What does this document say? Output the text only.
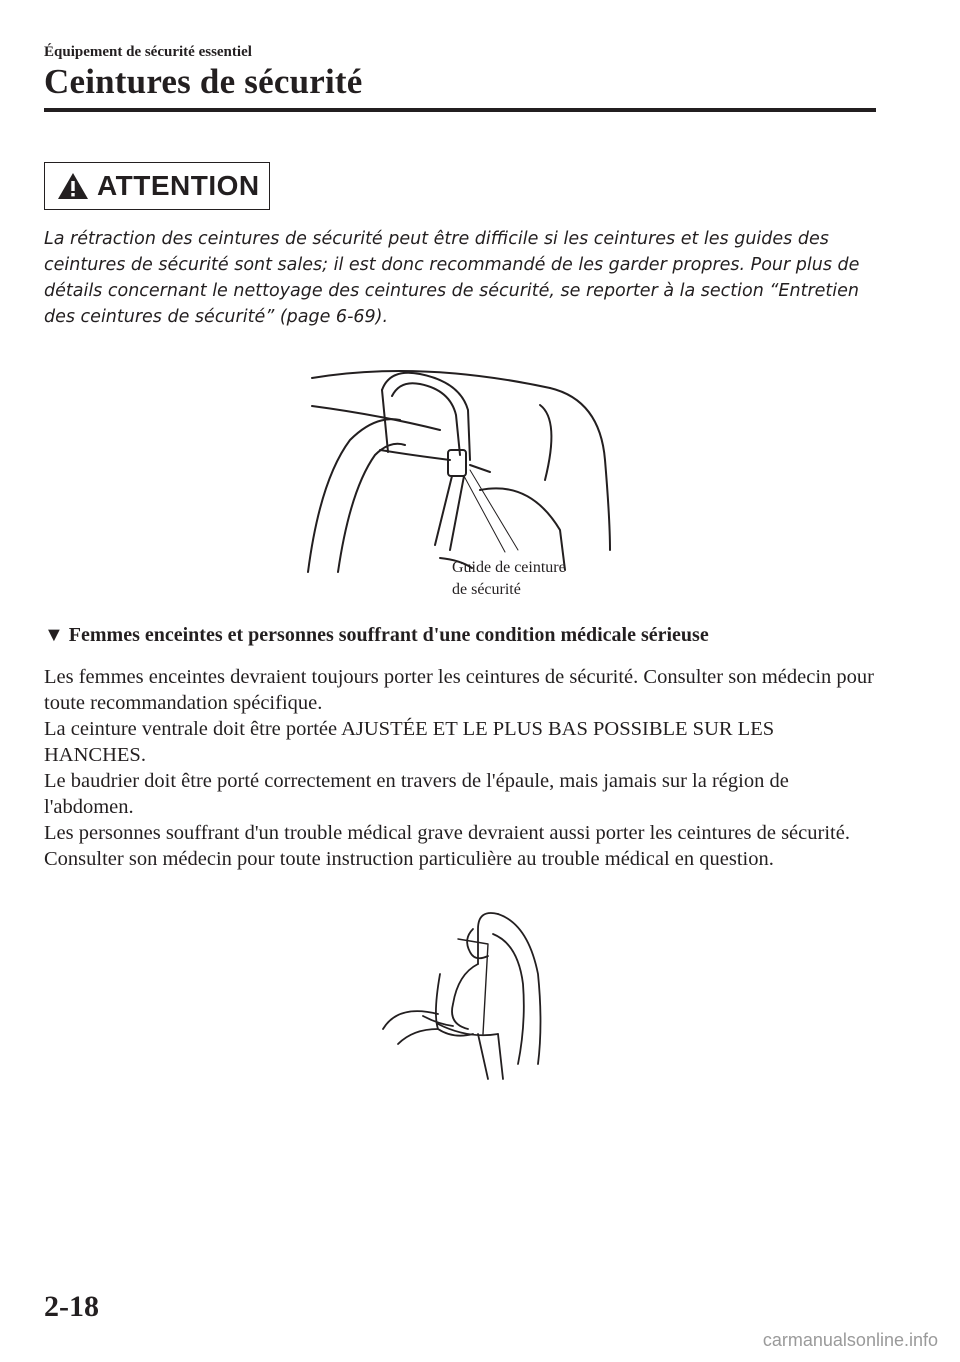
Équipement de sécurité essentiel
Ceintures de sécurité
ATTENTION
La rétraction des ceintures de sécurité peut être difficile si les ceintures et les guides des ceintures de sécurité sont sales; il est donc recommandé de les garder propres. Pour plus de détails concernant le nettoyage des ceintures de sécurité, se reporter à la section “Entretien des ceintures de sécurité” (page 6-69).
Guide de ceinture
de sécurité
▼ Femmes enceintes et personnes souffrant d'une condition médicale sérieuse

Les femmes enceintes devraient toujours porter les ceintures de sécurité. Consulter son médecin pour toute recommandation spécifique.

La ceinture ventrale doit être portée AJUSTÉE ET LE PLUS BAS POSSIBLE SUR LES HANCHES.

Le baudrier doit être porté correctement en travers de l'épaule, mais jamais sur la région de l'abdomen.

Les personnes souffrant d'un trouble médical grave devraient aussi porter les ceintures de sécurité. Consulter son médecin pour toute instruction particulière au trouble médical en question.

2-18
carmanualsonline.info
